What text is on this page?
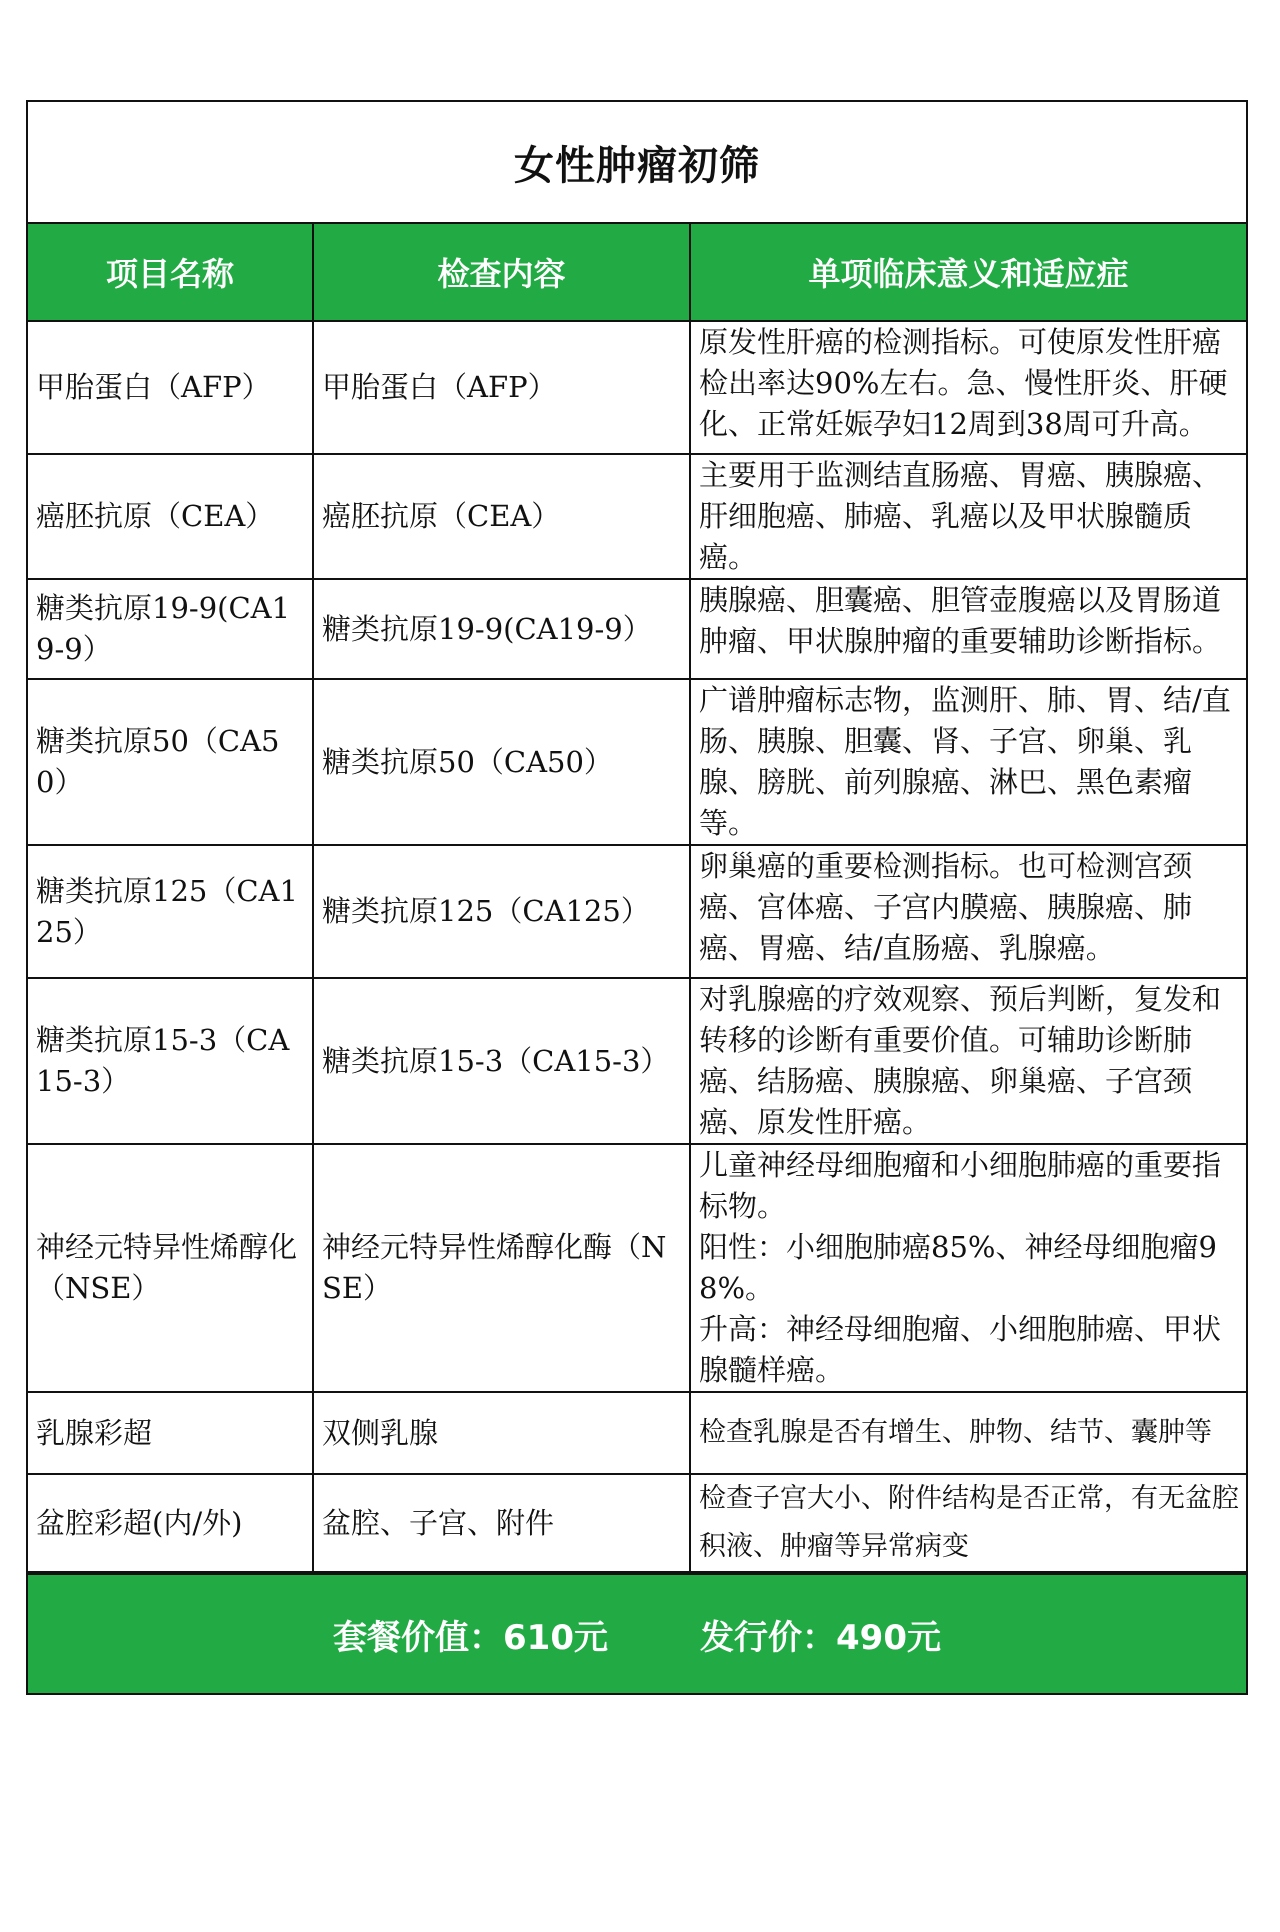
女性肿瘤初筛
项目名称	检查内容	单项临床意义和适应症
甲胎蛋白（AFP）	甲胎蛋白（AFP）	原发性肝癌的检测指标。可使原发性肝癌检出率达90%左右。急、慢性肝炎、肝硬化、正常妊娠孕妇12周到38周可升高。

癌胚抗原（CEA）	癌胚抗原（CEA）	主要用于监测结直肠癌、胃癌、胰腺癌、肝细胞癌、肺癌、乳癌以及甲状腺髓质癌。

糖类抗原19-9(CA19-9）	糖类抗原19-9(CA19-9）	胰腺癌、胆囊癌、胆管壶腹癌以及胃肠道肿瘤、甲状腺肿瘤的重要辅助诊断指标。

糖类抗原50（CA50）	糖类抗原50（CA50）	广谱肿瘤标志物，监测肝、肺、胃、结/直肠、胰腺、胆囊、肾、子宫、卵巢、乳腺、膀胱、前列腺癌、淋巴、黑色素瘤等。

糖类抗原125（CA125）	糖类抗原125（CA125）	卵巢癌的重要检测指标。也可检测宫颈癌、宫体癌、子宫内膜癌、胰腺癌、肺癌、胃癌、结/直肠癌、乳腺癌。

糖类抗原15-3（CA15-3）	糖类抗原15-3（CA15-3）	对乳腺癌的疗效观察、预后判断，复发和转移的诊断有重要价值。可辅助诊断肺癌、结肠癌、胰腺癌、卵巢癌、子宫颈癌、原发性肝癌。

神经元特异性烯醇化（NSE）	神经元特异性烯醇化酶（NSE）	儿童神经母细胞瘤和小细胞肺癌的重要指标物。
阳性：小细胞肺癌85%、神经母细胞瘤98%。
升高：神经母细胞瘤、小细胞肺癌、甲状腺髓样癌。

乳腺彩超	双侧乳腺	检查乳腺是否有增生、肿物、结节、囊肿等

盆腔彩超(内/外)	盆腔、子宫、附件	检查子宫大小、附件结构是否正常，有无盆腔积液、肿瘤等异常病变
套餐价值：610元	发行价：490元
